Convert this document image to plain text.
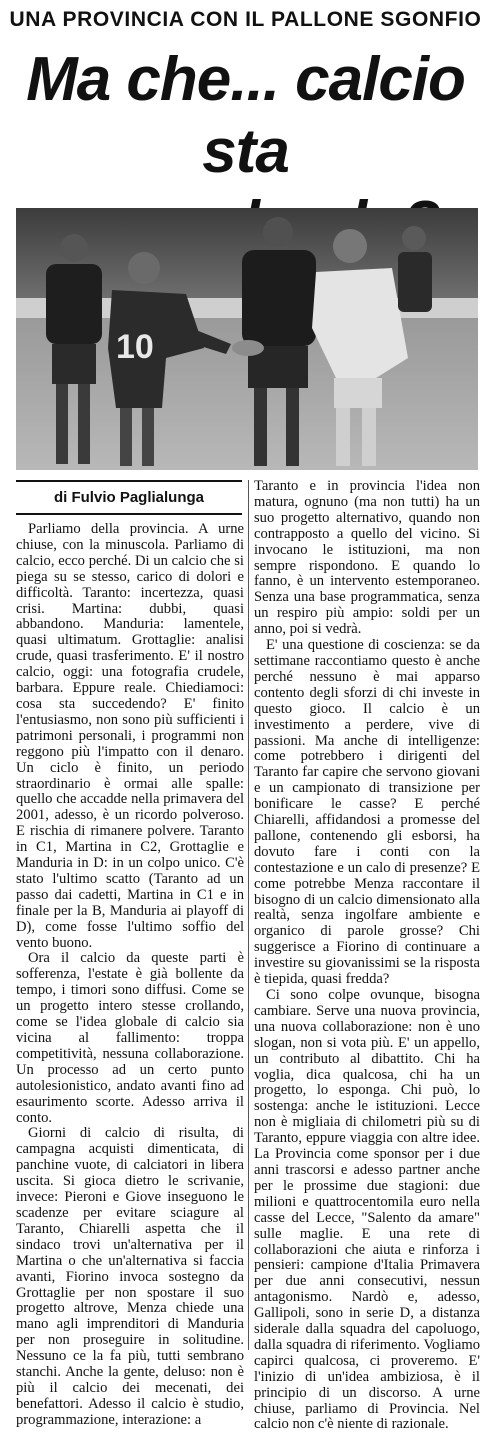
UNA PROVINCIA CON IL PALLONE SGONFIO
Ma che... calcio
sta
10
di Fulvio Paglialunga

Parliamo della provincia. A urne chiuse, con la minuscola. Parliamo di calcio, ecco perché. Di un calcio che si piega su se stesso, carico di dolori e difficoltà. Taranto: incertezza, quasi crisi. Martina: dubbi, quasi abbandono. Manduria: lamentele, quasi ultimatum. Grottaglie: analisi crude, quasi trasferimento. E' il nostro calcio, oggi: una fotografia crudele, barbara. Eppure reale. Chiediamoci: cosa sta succedendo? E' finito l'entusiasmo, non sono più sufficienti i patrimoni personali, i programmi non reggono più l'impatto con il denaro. Un ciclo è finito, un periodo straordinario è ormai alle spalle: quello che accadde nella primavera del 2001, adesso, è un ricordo polveroso. E rischia di rimanere polvere. Taranto in C1, Martina in C2, Grottaglie e Manduria in D: in un colpo unico. C'è stato l'ultimo scatto (Taranto ad un passo dai cadetti, Martina in C1 e in finale per la B, Manduria ai playoff di D), come fosse l'ultimo soffio del vento buono.

Ora il calcio da queste parti è sofferenza, l'estate è già bollente da tempo, i timori sono diffusi. Come se un progetto intero stesse crollando, come se l'idea globale di calcio sia vicina al fallimento: troppa competitività, nessuna collaborazione. Un processo ad un certo punto autolesionistico, andato avanti fino ad esaurimento scorte. Adesso arriva il conto.

Giorni di calcio di risulta, di campagna acquisti dimenticata, di panchine vuote, di calciatori in libera uscita. Si gioca dietro le scrivanie, invece: Pieroni e Giove inseguono le scadenze per evitare sciagure al Taranto, Chiarelli aspetta che il sindaco trovi un'alternativa per il Martina o che un'alternativa si faccia avanti, Fiorino invoca sostegno da Grottaglie per non spostare il suo progetto altrove, Menza chiede una mano agli imprenditori di Manduria per non proseguire in solitudine. Nessuno ce la fa più, tutti sembrano stanchi. Anche la gente, deluso: non è più il calcio dei mecenati, dei benefattori. Adesso il calcio è studio, programmazione, interazione: a

Taranto e in provincia l'idea non matura, ognuno (ma non tutti) ha un suo progetto alternativo, quando non contrapposto a quello del vicino. Si invocano le istituzioni, ma non sempre rispondono. E quando lo fanno, è un intervento estemporaneo. Senza una base programmatica, senza un respiro più ampio: soldi per un anno, poi si vedrà.

E' una questione di coscienza: se da settimane raccontiamo questo è anche perché nessuno è mai apparso contento degli sforzi di chi investe in questo gioco. Il calcio è un investimento a perdere, vive di passioni. Ma anche di intelligenze: come potrebbero i dirigenti del Taranto far capire che servono giovani e un campionato di transizione per bonificare le casse? E perché Chiarelli, affidandosi a promesse del pallone, contenendo gli esborsi, ha dovuto fare i conti con la contestazione e un calo di presenze? E come potrebbe Menza raccontare il bisogno di un calcio dimensionato alla realtà, senza ingolfare ambiente e organico di parole grosse? Chi suggerisce a Fiorino di continuare a investire su giovanissimi se la risposta è tiepida, quasi fredda?

Ci sono colpe ovunque, bisogna cambiare. Serve una nuova provincia, una nuova collaborazione: non è uno slogan, non si vota più. E' un appello, un contributo al dibattito. Chi ha voglia, dica qualcosa, chi ha un progetto, lo esponga. Chi può, lo sostenga: anche le istituzioni. Lecce non è migliaia di chilometri più su di Taranto, eppure viaggia con altre idee. La Provincia come sponsor per i due anni trascorsi e adesso partner anche per le prossime due stagioni: due milioni e quattrocentomila euro nella casse del Lecce, "Salento da amare" sulle maglie. E una rete di collaborazioni che aiuta e rinforza i pensieri: campione d'Italia Primavera per due anni consecutivi, nessun antagonismo. Nardò e, adesso, Gallipoli, sono in serie D, a distanza siderale dalla squadra del capoluogo, dalla squadra di riferimento. Vogliamo capirci qualcosa, ci proveremo. E' l'inizio di un'idea ambiziosa, è il principio di un discorso. A urne chiuse, parliamo di Provincia. Nel calcio non c'è niente di razionale.
